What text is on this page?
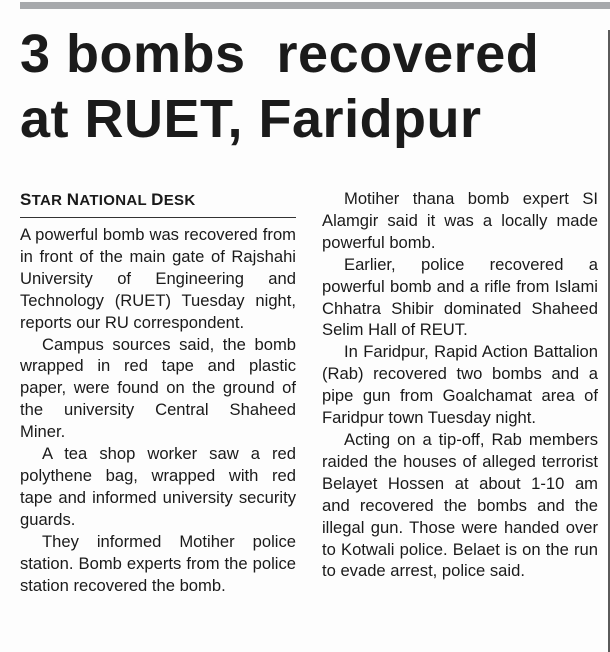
3 bombs  recovered
at RUET, Faridpur
STAR NATIONAL DESK

A powerful bomb was recovered from in front of the main gate of Rajshahi University of Engineering and Technology (RUET) Tuesday night, reports our RU correspondent.

Campus sources said, the bomb wrapped in red tape and plastic paper, were found on the ground of the university Central Shaheed Miner.

A tea shop worker saw a red polythene bag, wrapped with red tape and informed university security guards.

They informed Motiher police station. Bomb experts from the police station recovered the bomb.

Motiher thana bomb expert SI Alamgir said it was a locally made powerful bomb.

Earlier, police recovered a powerful bomb and a rifle from Islami Chhatra Shibir dominated Shaheed Selim Hall of REUT.

In Faridpur, Rapid Action Battalion (Rab) recovered two bombs and a pipe gun from Goalchamat area of Faridpur town Tuesday night.

Acting on a tip-off, Rab members raided the houses of alleged terrorist Belayet Hossen at about 1-10 am and recovered the bombs and the illegal gun. Those were handed over to Kotwali police. Belaet is on the run to evade arrest, police said.
